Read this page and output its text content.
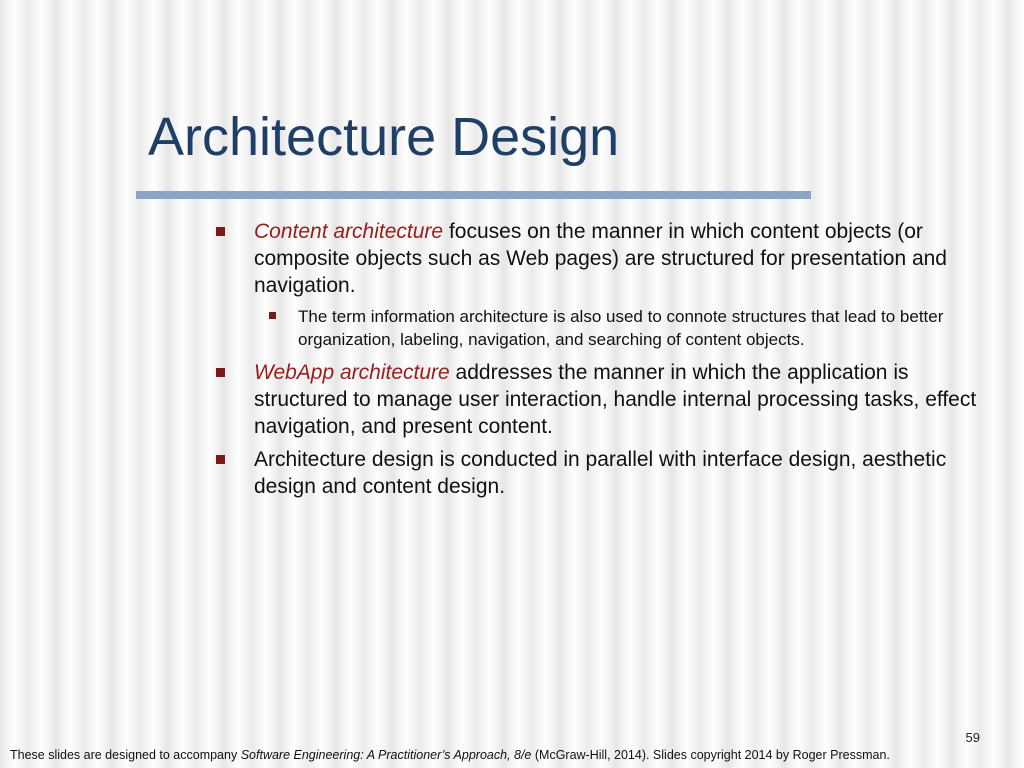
Architecture Design
Content architecture focuses on the manner in which content objects (or composite objects such as Web pages) are structured for presentation and navigation.
The term information architecture is also used to connote structures that lead to better organization, labeling, navigation, and searching of content objects.
WebApp architecture addresses the manner in which the application is structured to manage user interaction, handle internal processing tasks, effect navigation, and present content.
Architecture design is conducted in parallel with interface design, aesthetic design and content design.
59
These slides are designed to accompany Software Engineering: A Practitioner’s Approach, 8/e (McGraw-Hill, 2014). Slides copyright 2014 by Roger Pressman.
